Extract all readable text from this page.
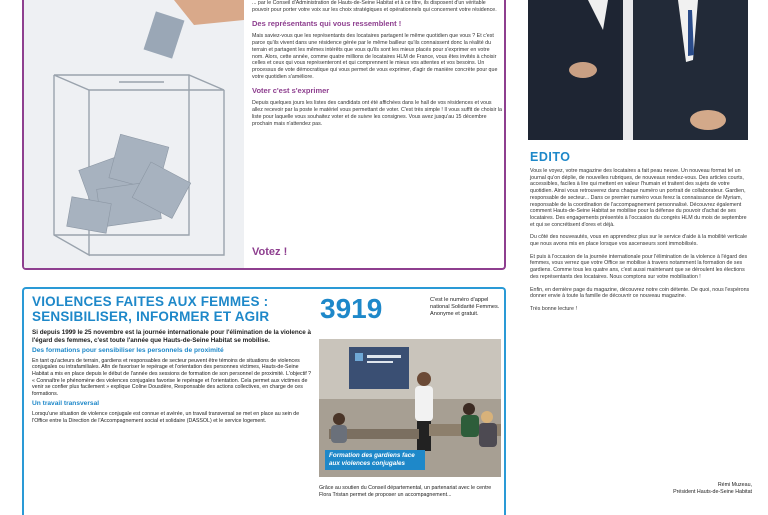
... par le Conseil d'Administration de Hauts-de-Seine Habitat et à ce titre, ils disposent d'un véritable pouvoir pour porter votre voix sur les choix stratégiques et opérationnels qui concernent votre résidence.

Des représentants qui vous ressemblent !

Mais saviez-vous que les représentants des locataires partagent le même quotidien que vous ? Et c'est parce qu'ils vivent dans une résidence gérée par le même bailleur qu'ils connaissent donc la réalité du terrain et partagent les mêmes intérêts que vous qu'ils sont les mieux placés pour s'exprimer en votre nom. Alors, cette année, comme quatre millions de locataires HLM de France, vous êtes invités à choisir celles et ceux qui vous représenteront et qui comprennent le mieux vos attentes et vos besoins. Un processus de vote démocratique qui vous permet de vous exprimer, d'agir de manière concrète pour que votre quotidien s'améliore.

Voter c'est s'exprimer

Depuis quelques jours les listes des candidats ont été affichées dans le hall de vos résidences et vous allez recevoir par la poste le matériel vous permettant de voter. C'est très simple ! Il vous suffit de choisir la liste pour laquelle vous souhaitez voter et de suivre les consignes. Vous avez jusqu'au 15 décembre prochain mais n'attendez pas.

Votez !
VIOLENCES FAITES AUX FEMMES : SENSIBILISER, INFORMER ET AGIR

Si depuis 1999 le 25 novembre est la journée internationale pour l'élimination de la violence à l'égard des femmes, c'est toute l'année que Hauts-de-Seine Habitat se mobilise.

Des formations pour sensibiliser les personnels de proximité

En tant qu'acteurs de terrain, gardiens et responsables de secteur peuvent être témoins de situations de violences conjugales ou intrafamiliales. Afin de favoriser le repérage et l'orientation des personnes victimes, Hauts-de-Seine Habitat a mis en place depuis le début de l'année des sessions de formation de son personnel de proximité. L'objectif ? « Connaître le phénomène des violences conjugales favorise le repérage et l'orientation. Cela permet aux victimes de venir se confier plus facilement » explique Coline Dousdère, Responsable des actions collectives, en charge de ces formations.

Un travail transversal

Lorsqu'une situation de violence conjugale est connue et avérée, un travail transversal se met en place au sein de l'Office entre la Direction de l'Accompagnement social et solidaire (DASSOL) et le service logement.

3919	C'est le numéro d'appel national Solidarité Femmes. Anonyme et gratuit.
Formation des gardiens face aux violences conjugales
Grâce au soutien du Conseil départemental, un partenariat avec le centre Flora Tristan permet de proposer un accompagnement...
EDITO

Vous le voyez, votre magazine des locataires a fait peau neuve. Un nouveau format tel un journal qu'on déplie, de nouvelles rubriques, de nouveaux rendez-vous. Des articles courts, accessibles, faciles à lire qui mettent en valeur l'humain et traitent des sujets de votre quotidien. Ainsi vous retrouverez dans chaque numéro un portrait de collaborateur. Gardien, responsable de secteur... Dans ce premier numéro vous ferez la connaissance de Myriam, responsable de la coordination de l'accompagnement personnalisé. Découvrez également comment Hauts-de-Seine Habitat se mobilise pour la défense du pouvoir d'achat de ses locataires. Des engagements présentés à l'occasion du congrès HLM du mois de septembre et qui se concrétisent d'ores et déjà.

Du côté des nouveautés, vous en apprendrez plus sur le service d'aide à la mobilité verticale que nous avons mis en place lorsque vos ascenseurs sont immobilisés.

Et puis à l'occasion de la journée internationale pour l'élimination de la violence à l'égard des femmes, vous verrez que votre Office se mobilise à travers notamment la formation de ses gardiens. Comme tous les quatre ans, c'est aussi maintenant que se déroulent les élections des représentants des locataires. Nous comptons sur votre mobilisation !

Enfin, en dernière page du magazine, découvrez notre coin détente. De quoi, nous l'espérons donner envie à toute la famille de découvrir ce nouveau magazine.

Très bonne lecture !

Rémi Muzeau,
Président Hauts-de-Seine Habitat
